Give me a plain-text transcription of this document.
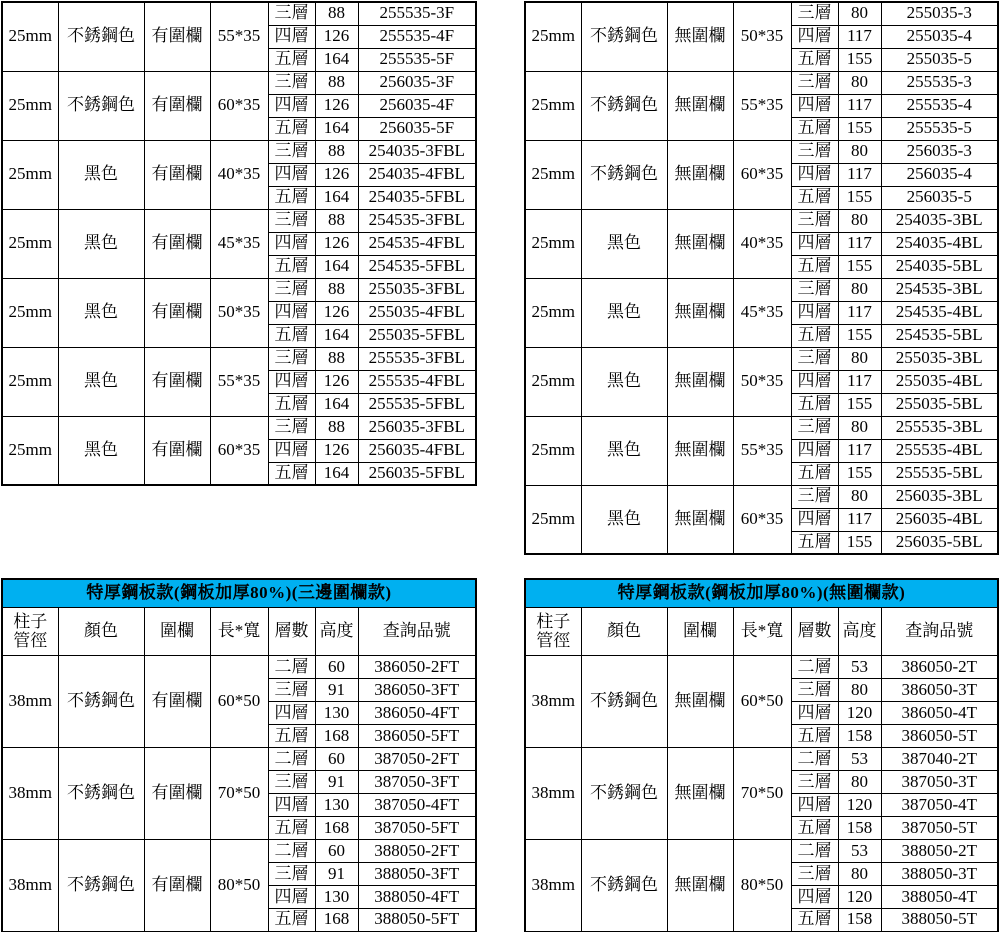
25mm	不銹鋼色	有圍欄	55*35	三層	88	255535-3F
				四層	126	255535-4F
				五層	164	255535-5F
25mm	不銹鋼色	有圍欄	60*35	三層	88	256035-3F
				四層	126	256035-4F
				五層	164	256035-5F
25mm	黑色	有圍欄	40*35	三層	88	254035-3FBL
				四層	126	254035-4FBL
				五層	164	254035-5FBL
25mm	黑色	有圍欄	45*35	三層	88	254535-3FBL
				四層	126	254535-4FBL
				五層	164	254535-5FBL
25mm	黑色	有圍欄	50*35	三層	88	255035-3FBL
				四層	126	255035-4FBL
				五層	164	255035-5FBL
25mm	黑色	有圍欄	55*35	三層	88	255535-3FBL
				四層	126	255535-4FBL
				五層	164	255535-5FBL
25mm	黑色	有圍欄	60*35	三層	88	256035-3FBL
				四層	126	256035-4FBL
				五層	164	256035-5FBL
25mm	不銹鋼色	無圍欄	50*35	三層	80	255035-3
				四層	117	255035-4
				五層	155	255035-5
25mm	不銹鋼色	無圍欄	55*35	三層	80	255535-3
				四層	117	255535-4
				五層	155	255535-5
25mm	不銹鋼色	無圍欄	60*35	三層	80	256035-3
				四層	117	256035-4
				五層	155	256035-5
25mm	黑色	無圍欄	40*35	三層	80	254035-3BL
				四層	117	254035-4BL
				五層	155	254035-5BL
25mm	黑色	無圍欄	45*35	三層	80	254535-3BL
				四層	117	254535-4BL
				五層	155	254535-5BL
25mm	黑色	無圍欄	50*35	三層	80	255035-3BL
				四層	117	255035-4BL
				五層	155	255035-5BL
25mm	黑色	無圍欄	55*35	三層	80	255535-3BL
				四層	117	255535-4BL
				五層	155	255535-5BL
25mm	黑色	無圍欄	60*35	三層	80	256035-3BL
				四層	117	256035-4BL
				五層	155	256035-5BL
特厚鋼板款(鋼板加厚80%)(三邊圍欄款)						
柱子
管徑	顏色	圍欄	長*寬	層數	高度	查詢品號
38mm	不銹鋼色	有圍欄	60*50	二層	60	386050-2FT
				三層	91	386050-3FT
				四層	130	386050-4FT
				五層	168	386050-5FT
38mm	不銹鋼色	有圍欄	70*50	二層	60	387050-2FT
				三層	91	387050-3FT
				四層	130	387050-4FT
				五層	168	387050-5FT
38mm	不銹鋼色	有圍欄	80*50	二層	60	388050-2FT
				三層	91	388050-3FT
				四層	130	388050-4FT
				五層	168	388050-5FT
特厚鋼板款(鋼板加厚80%)(無圍欄款)						
柱子
管徑	顏色	圍欄	長*寬	層數	高度	查詢品號
38mm	不銹鋼色	無圍欄	60*50	二層	53	386050-2T
				三層	80	386050-3T
				四層	120	386050-4T
				五層	158	386050-5T
38mm	不銹鋼色	無圍欄	70*50	二層	53	387040-2T
				三層	80	387050-3T
				四層	120	387050-4T
				五層	158	387050-5T
38mm	不銹鋼色	無圍欄	80*50	二層	53	388050-2T
				三層	80	388050-3T
				四層	120	388050-4T
				五層	158	388050-5T
